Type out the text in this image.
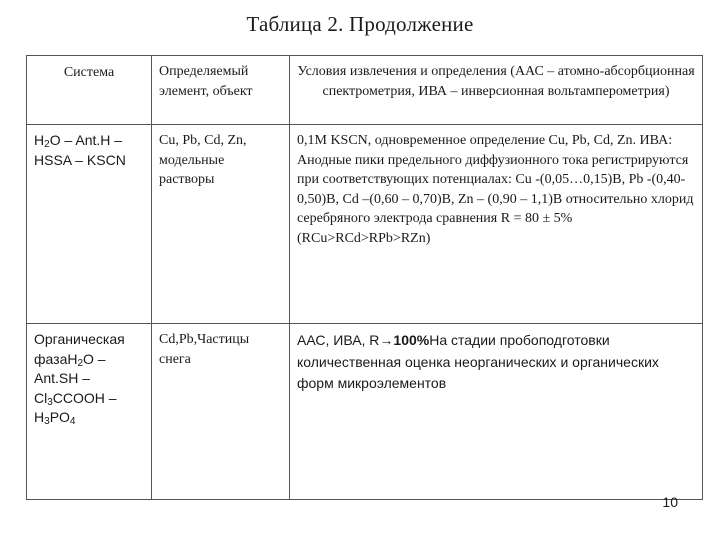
Таблица 2. Продолжение
Система	Определяемый элемент, объект	Условия извлечения и определения (ААС – атомно-абсорбционная спектрометрия, ИВА – инверсионная вольтамперометрия)
$H_2O - Ant.H$ – HSSA – KSCN	Cu, Pb, Cd, Zn, модельные растворы	0,1M KSCN, одновременное определение Cu, Pb, Cd, Zn. ИВА: Анодные пики предельного диффузионного тока регистрируются при соответствующих потенциалах: Cu -(0,05…0,15)B, Pb -(0,40-0,50)B, Cd –(0,60 – 0,70)B, Zn – (0,90 – 1,1)B относительно хлорид серебряного электрода сравнения R = 80 ± 5% (RCu>RCd>RPb>RZn)
Органическая фазаH$_2$O – $Ant.SH - Cl_3CCOOH - H_3PO_4$	Cd,Pb,Частицы снега	ААС, ИВА, R→100%На стадии пробоподготовки количественная оценка неорганических и органических форм микроэлементов
10
